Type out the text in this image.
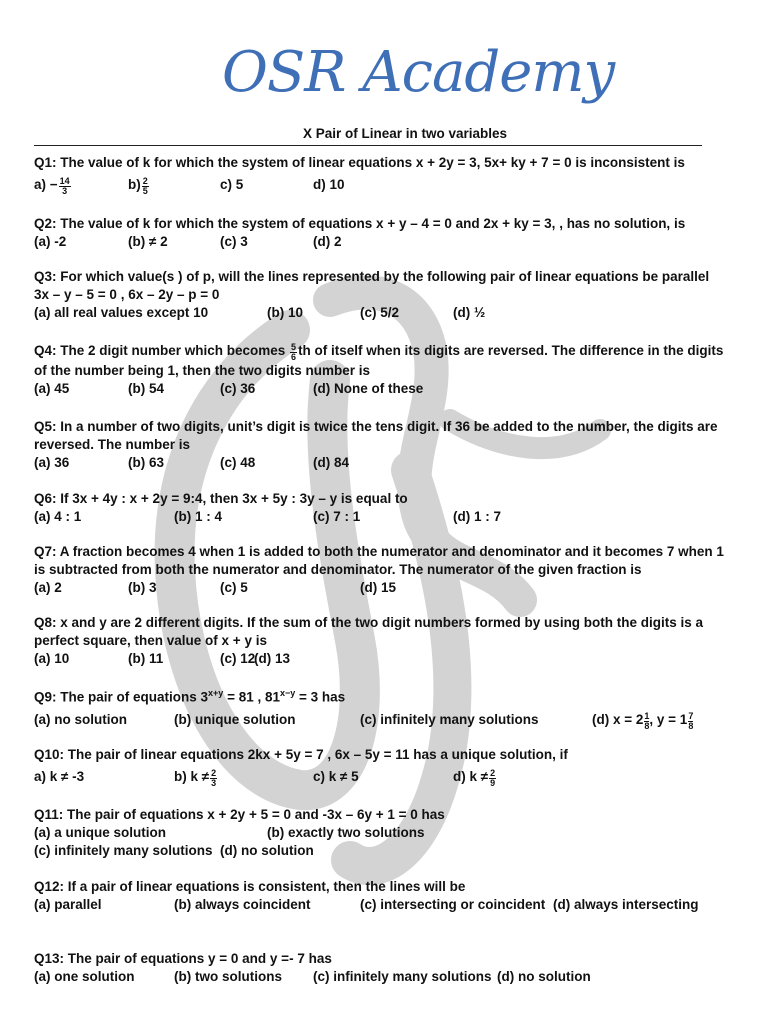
OSR Academy
X Pair of Linear in two variables
Q1: The value of k for which the system of linear equations x + 2y = 3, 5x+ ky + 7 = 0 is inconsistent is
$a) - \frac{14}{3}$	$b) \frac{2}{5}$	c) 5	d) 10
Q2: The value of k for which the system of equations x + y – 4 = 0 and 2x + ky = 3, , has no solution, is
(a) -2	(b) ≠ 2	(c) 3	(d) 2
Q3: For which value(s ) of p, will the lines represented by the following pair of linear equations be parallel
3x – y – 5 = 0 , 6x – 2y – p = 0
(a) all real values except 10	(b) 10	(c) 5/2	(d) ½
Q4: The 2 digit number which becomes $\frac{5}{6}$ th of itself when its digits are reversed. The difference in the digits
of the number being 1, then the two digits number is
(a) 45	(b) 54	(c) 36	(d) None of these
Q5: In a number of two digits, unit’s digit is twice the tens digit. If 36 be added to the number, the digits are
reversed. The number is
(a) 36	(b) 63	(c) 48	(d) 84
Q6: If 3x + 4y : x + 2y = 9:4, then 3x + 5y : 3y – y is equal to
(a) 4 : 1	(b) 1 : 4	(c) 7 : 1	(d) 1 : 7
Q7: A fraction becomes 4 when 1 is added to both the numerator and denominator and it becomes 7 when 1
is subtracted from both the numerator and denominator. The numerator of the given fraction is
(a) 2	(b) 3	(c) 5	(d) 15
Q8: x and y are 2 different digits. If the sum of the two digit numbers formed by using both the digits is a
perfect square, then value of x + y is
(a) 10	(b) 11	(c) 12
(d) 13
Q9: The pair of equations $3^{x+y} = 81$ , $81^{x-y} = 3$ has
(a) no solution	(b) unique solution	(c) infinitely many solutions	(d) $x = 2 \frac{1}{8}$ , $y = 1 \frac{7}{8}$
Q10: The pair of linear equations 2kx + 5y = 7 , 6x – 5y = 11 has a unique solution, if
a) k ≠ -3	b) $k \ne \frac{2}{3}$	c) k ≠ 5	d) $k \ne \frac{2}{9}$
Q11: The pair of equations x + 2y + 5 = 0 and -3x – 6y + 1 = 0 has
(a) a unique solution	(b) exactly two solutions
(c) infinitely many solutions (d) no solution
Q12: If a pair of linear equations is consistent, then the lines will be
(a) parallel	(b) always coincident	(c) intersecting or coincident (d) always intersecting
Q13: The pair of equations y = 0 and y =- 7 has
(a) one solution	(b) two solutions (c) infinitely many solutions (d) no solution
